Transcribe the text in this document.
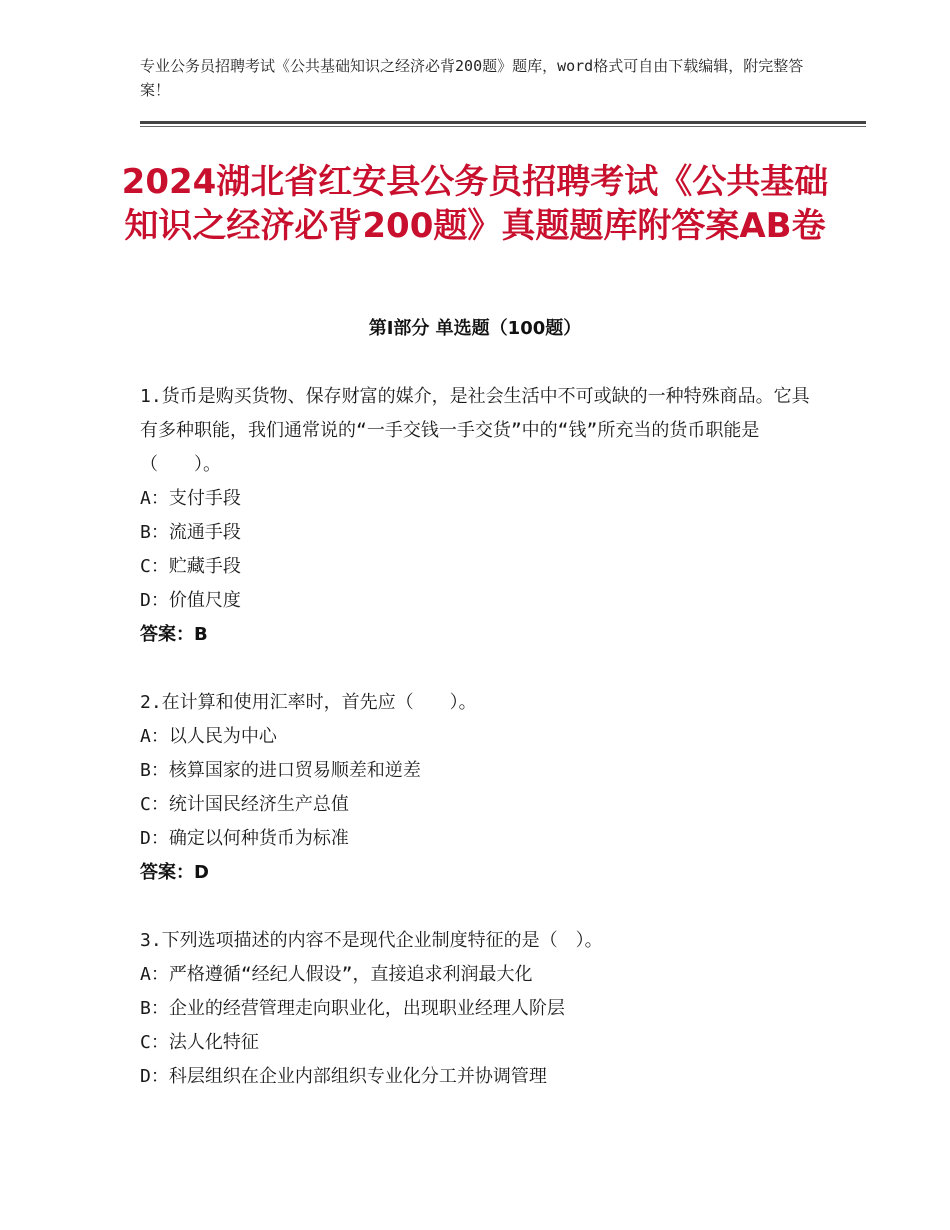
专业公务员招聘考试《公共基础知识之经济必背200题》题库，word格式可自由下载编辑，附完整答案！
2024湖北省红安县公务员招聘考试《公共基础知识之经济必背200题》真题题库附答案AB卷
第Ⅰ部分 单选题（100题）

1.货币是购买货物、保存财富的媒介，是社会生活中不可或缺的一种特殊商品。它具有多种职能，我们通常说的“一手交钱一手交货”中的“钱”所充当的货币职能是（　　）。

A：支付手段

B：流通手段

C：贮藏手段

D：价值尺度

答案：B

2.在计算和使用汇率时，首先应（　　）。

A：以人民为中心

B：核算国家的进口贸易顺差和逆差

C：统计国民经济生产总值

D：确定以何种货币为标准

答案：D

3.下列选项描述的内容不是现代企业制度特征的是（　）。

A：严格遵循“经纪人假设”，直接追求利润最大化

B：企业的经营管理走向职业化，出现职业经理人阶层

C：法人化特征

D：科层组织在企业内部组织专业化分工并协调管理
